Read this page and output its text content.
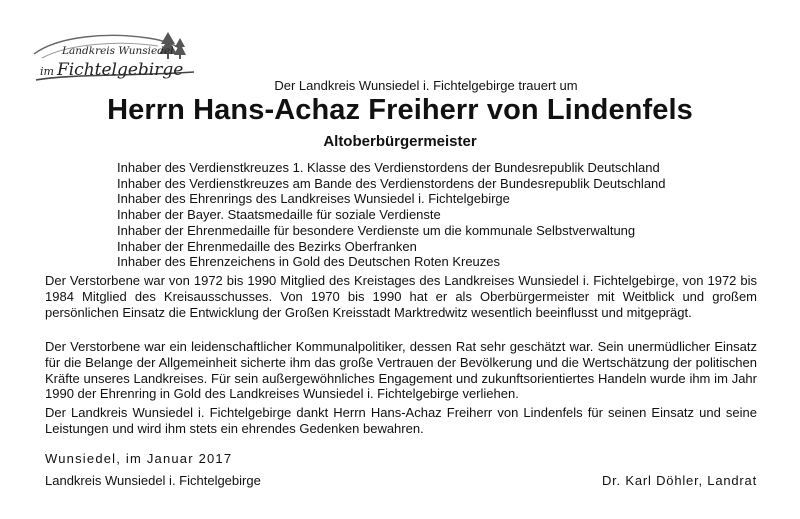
Landkreis Wunsiedel
im Fichtelgebirge
Der Landkreis Wunsiedel i. Fichtelgebirge trauert um
Herrn Hans-Achaz Freiherr von Lindenfels
Altoberbürgermeister
Inhaber des Verdienstkreuzes 1. Klasse des Verdienstordens der Bundesrepublik Deutschland
Inhaber des Verdienstkreuzes am Bande des Verdienstordens der Bundesrepublik Deutschland
Inhaber des Ehrenrings des Landkreises Wunsiedel i. Fichtelgebirge
Inhaber der Bayer. Staatsmedaille für soziale Verdienste
Inhaber der Ehrenmedaille für besondere Verdienste um die kommunale Selbstverwaltung
Inhaber der Ehrenmedaille des Bezirks Oberfranken
Inhaber des Ehrenzeichens in Gold des Deutschen Roten Kreuzes

Der Verstorbene war von 1972 bis 1990 Mitglied des Kreistages des Landkreises Wunsiedel i. Fichtelgebirge, von 1972 bis 1984 Mitglied des Kreisausschusses. Von 1970 bis 1990 hat er als Oberbürgermeister mit Weitblick und großem persönlichen Einsatz die Entwicklung der Großen Kreisstadt Marktredwitz wesentlich beeinflusst und mitgeprägt.

Der Verstorbene war ein leidenschaftlicher Kommunalpolitiker, dessen Rat sehr geschätzt war. Sein unermüdlicher Einsatz für die Belange der Allgemeinheit sicherte ihm das große Vertrauen der Bevölkerung und die Wertschätzung der politischen Kräfte unseres Landkreises. Für sein außergewöhnliches Engagement und zukunftsorientiertes Handeln wurde ihm im Jahr 1990 der Ehrenring in Gold des Landkreises Wunsiedel i. Fichtelgebirge verliehen.

Der Landkreis Wunsiedel i. Fichtelgebirge dankt Herrn Hans-Achaz Freiherr von Lindenfels für seinen Einsatz und seine Leistungen und wird ihm stets ein ehrendes Gedenken bewahren.

Wunsiedel, im Januar 2017
Landkreis Wunsiedel i. Fichtelgebirge	Dr. Karl Döhler, Landrat
